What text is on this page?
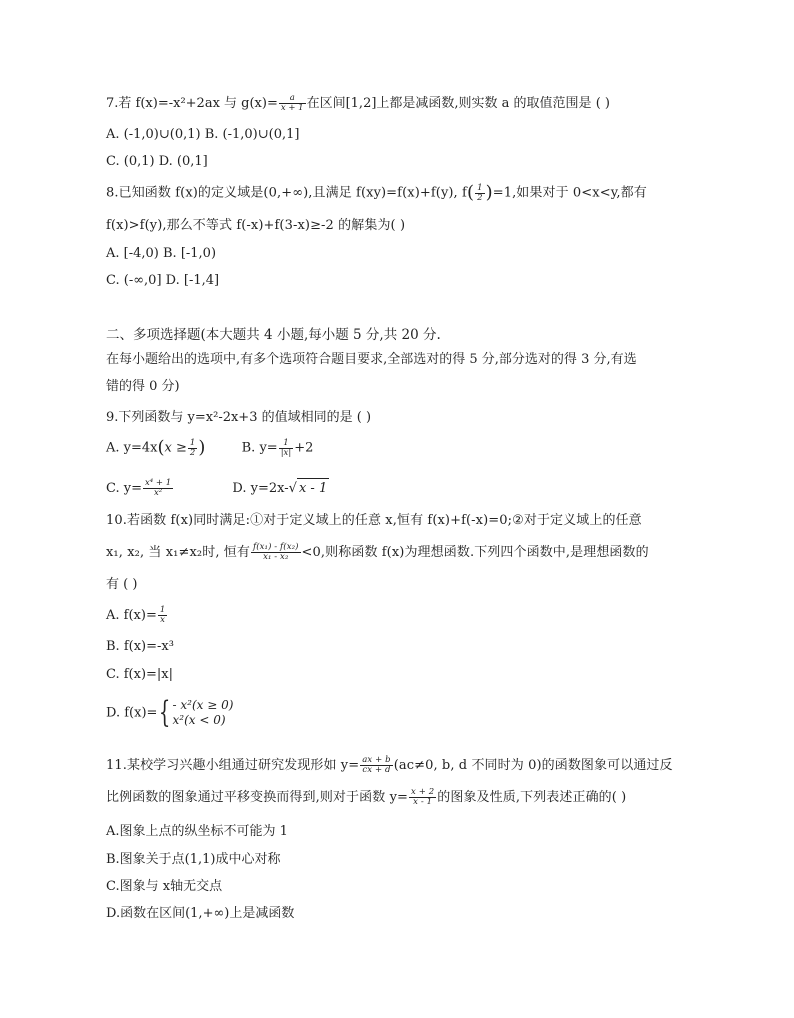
7.若 f(x)=-x²+2ax 与 $g(x)= \frac{a}{x + 1}$ 在区间[1,2]上都是减函数,则实数 a 的取值范围是 ( )
A. (-1,0)∪(0,1) B. (-1,0)∪(0,1]
C. (0,1) D. (0,1]
8.已知函数 f(x)的定义域是(0,+∞),且满足 f(xy)=f(x)+f(y), $f( \frac{1}{2} )=1$,如果对于 0<x<y,都有
f(x)>f(y),那么不等式 f(-x)+f(3-x)≥-2 的解集为( )
A. [-4,0) B. [-1,0)
C. (-∞,0] D. [-1,4]
二、多项选择题(本大题共 4 小题,每小题 5 分,共 20 分.
在每小题给出的选项中,有多个选项符合题目要求,全部选对的得 5 分,部分选对的得 3 分,有选
错的得 0 分)
9.下列函数与 y=x²-2x+3 的值域相同的是 ( )
A. $y=4x(x \ge \frac{1}{2}$ )	B. $y= \frac{1}{|x|} +2$
C. $y= \frac{\text{x⁴ + 1}}{\text{x²}}$	D. y=2x-√ x - 1
10.若函数 f(x)同时满足:①对于定义域上的任意 x,恒有 f(x)+f(-x)=0;②对于定义域上的任意
x₁, x₂, 当 x₁≠x₂时, 恒有 $\frac{\text{f(x₁) - f(x₂)}}{\text{x₁ - x₂}} <0$,则称函数 f(x)为理想函数.下列四个函数中,是理想函数的
有 ( )
A. $f(x)= \frac{1}{x}$
B. f(x)=-x³
C. f(x)=|x|
D. f(x)={ - x²(x ≥ 0)
x²(x < 0)
11.某校学习兴趣小组通过研究发现形如 $y= \frac{ax + b}{cx + d} (ac\ne 0$, b, d 不同时为 0)的函数图象可以通过反
比例函数的图象通过平移变换而得到,则对于函数 $y= \frac{x + 2}{x - 1}$ 的图象及性质,下列表述正确的( )
A.图象上点的纵坐标不可能为 1
B.图象关于点(1,1)成中心对称
C.图象与 x轴无交点
D.函数在区间(1,+∞)上是减函数
